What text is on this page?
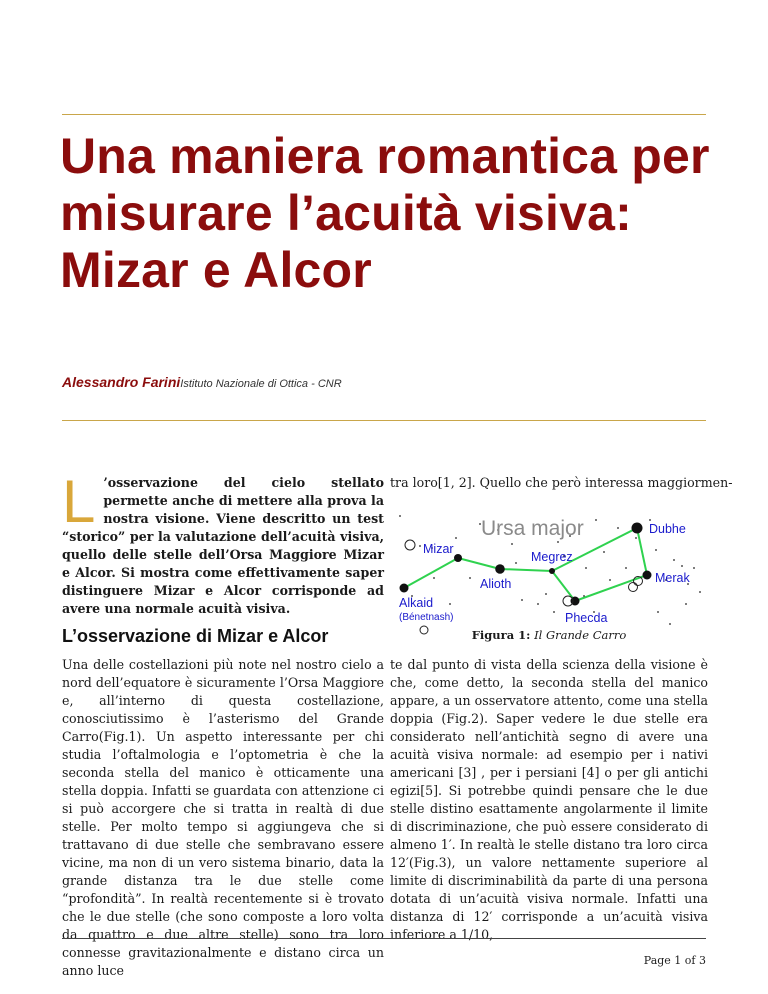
Una maniera romantica per misurare l’acuità visiva: Mizar e Alcor
Alessandro FariniIstituto Nazionale di Ottica - CNR
L ’osservazione del cielo stellato permette anche di mettere alla prova la nostra visione. Viene descritto un test “storico” per la valutazione dell’acuità visiva, quello delle stelle dell’Orsa Maggiore Mizar e Alcor. Si mostra come effettivamente saper distinguere Mizar e Alcor corrisponde ad avere una normale acuità visiva.
L’osservazione di Mizar e Alcor
Una delle costellazioni più note nel nostro cielo a nord dell’equatore è sicuramente l’Orsa Maggiore e, all’interno di questa costellazione, conosciutissimo è l’asterismo del Grande Carro(Fig.1). Un aspetto interessante per chi studia l’oftalmologia e l’optometria è che la seconda stella del manico è otticamente una stella doppia. Infatti se guardata con attenzione ci si può accorgere che si tratta in realtà di due stelle. Per molto tempo si aggiungeva che si trattavano di due stelle che sembravano essere vicine, ma non di un vero sistema binario, data la grande distanza tra le due stelle come “profondità”. In realtà recentemente si è trovato che le due stelle (che sono composte a loro volta da quattro e due altre stelle) sono tra loro connesse gravitazionalmente e distano circa un anno luce
tra loro[1, 2]. Quello che però interessa maggiormen-
Ursa major	Dubhe
Mizar
Megrez
Alioth	Merak
Alkaid
(Bénetnash)	Phecda
Figura 1: Il Grande Carro
te dal punto di vista della scienza della visione è che, come detto, la seconda stella del manico appare, a un osservatore attento, come una stella doppia (Fig.2). Saper vedere le due stelle era considerato nell’antichità segno di avere una acuità visiva normale: ad esempio per i nativi americani [3] , per i persiani [4] o per gli antichi egizi[5]. Si potrebbe quindi pensare che le due stelle distino esattamente angolarmente il limite di discriminazione, che può essere considerato di almeno 1′. In realtà le stelle distano tra loro circa 12′(Fig.3), un valore nettamente superiore al limite di discriminabilità da parte di una persona dotata di un’acuità visiva normale. Infatti una distanza di 12′ corrisponde a un’acuità visiva inferiore a 1/10,
Page 1 of 3
